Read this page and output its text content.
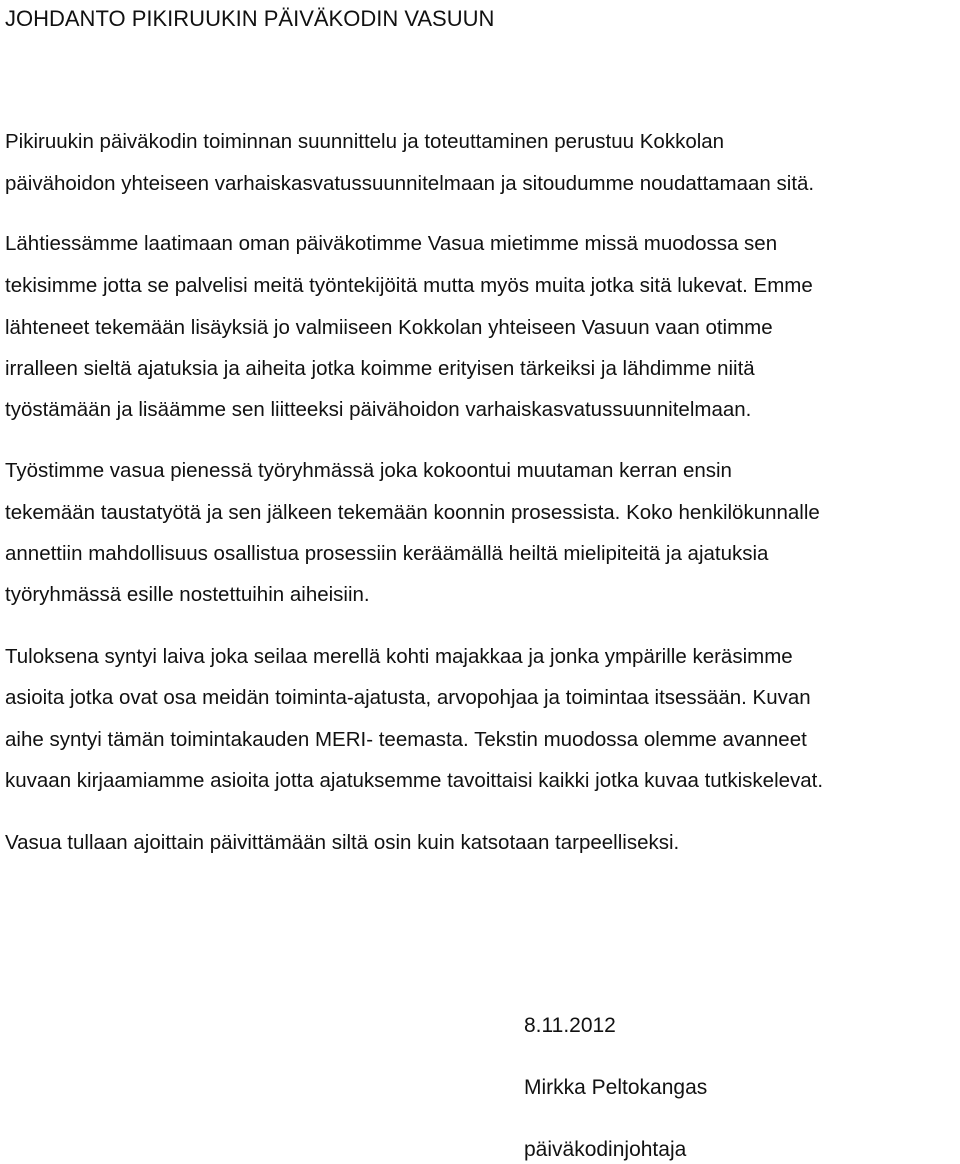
JOHDANTO PIKIRUUKIN PÄIVÄKODIN VASUUN
Pikiruukin päiväkodin toiminnan suunnittelu ja toteuttaminen perustuu Kokkolan
päivähoidon yhteiseen varhaiskasvatussuunnitelmaan ja sitoudumme noudattamaan sitä.
Lähtiessämme laatimaan oman päiväkotimme Vasua mietimme missä muodossa sen
tekisimme jotta se palvelisi meitä työntekijöitä mutta myös muita jotka sitä lukevat. Emme
lähteneet tekemään lisäyksiä jo valmiiseen Kokkolan yhteiseen Vasuun vaan otimme
irralleen sieltä ajatuksia ja aiheita jotka koimme erityisen tärkeiksi ja lähdimme niitä
työstämään ja lisäämme sen liitteeksi päivähoidon varhaiskasvatussuunnitelmaan.
Työstimme vasua pienessä työryhmässä joka kokoontui muutaman kerran ensin
tekemään taustatyötä ja sen jälkeen tekemään koonnin prosessista. Koko henkilökunnalle
annettiin mahdollisuus osallistua prosessiin keräämällä heiltä mielipiteitä ja ajatuksia
työryhmässä esille nostettuihin aiheisiin.
Tuloksena syntyi laiva joka seilaa merellä kohti majakkaa ja jonka ympärille keräsimme
asioita jotka ovat osa meidän toiminta-ajatusta, arvopohjaa ja toimintaa itsessään. Kuvan
aihe syntyi tämän toimintakauden MERI- teemasta. Tekstin muodossa olemme avanneet
kuvaan kirjaamiamme asioita jotta ajatuksemme tavoittaisi kaikki jotka kuvaa tutkiskelevat.
Vasua tullaan ajoittain päivittämään siltä osin kuin katsotaan tarpeelliseksi.
8.11.2012
Mirkka Peltokangas
päiväkodinjohtaja
